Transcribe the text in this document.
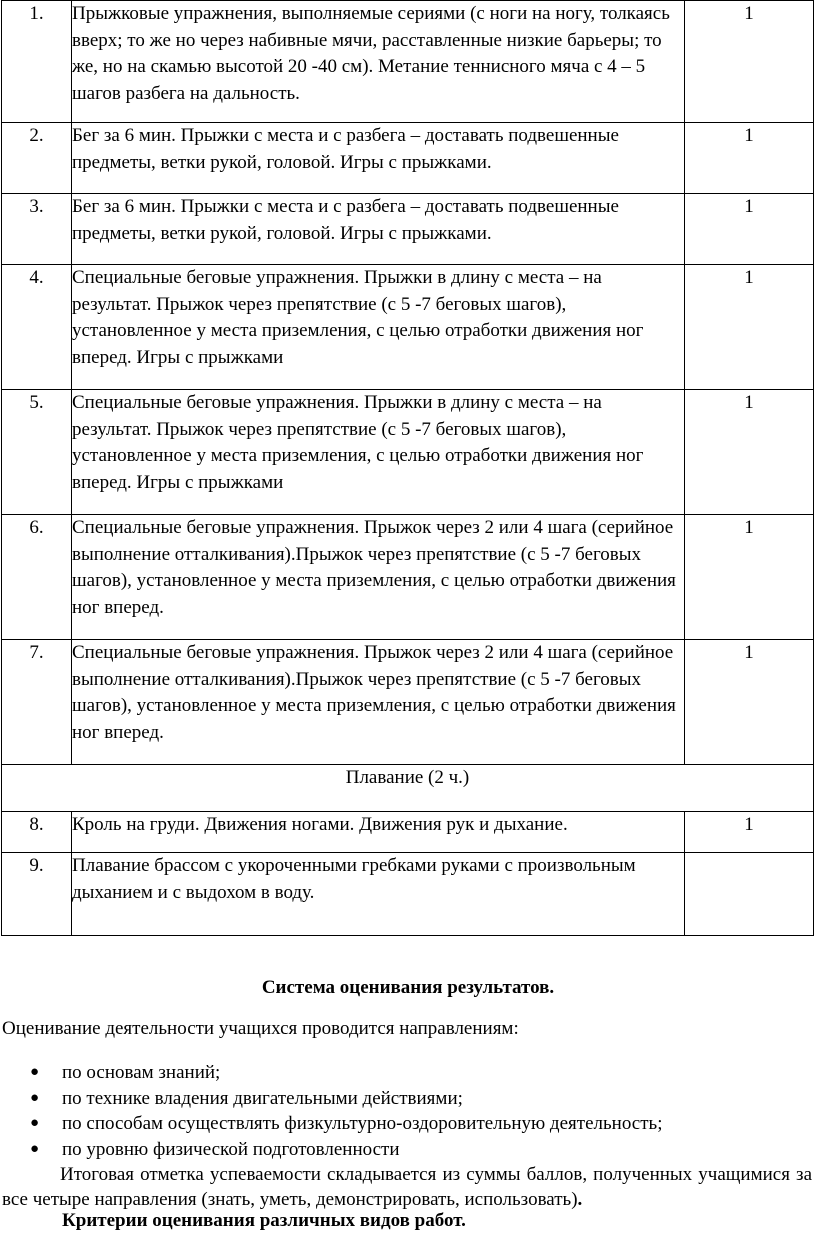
1.	Прыжковые упражнения, выполняемые сериями (с ноги на ногу, толкаясь вверх; то же но через набивные мячи, расставленные низкие барьеры; то же, но на скамью высотой 20 -40 см). Метание теннисного мяча с 4 – 5 шагов разбега на дальность.	1
2.	Бег за 6 мин. Прыжки с места и с разбега – доставать подвешенные предметы, ветки рукой, головой. Игры с прыжками.	1
3.	Бег за 6 мин. Прыжки с места и с разбега – доставать подвешенные предметы, ветки рукой, головой. Игры с прыжками.	1
4.	Специальные беговые упражнения. Прыжки в длину с места – на результат. Прыжок через препятствие (с 5 -7 беговых шагов), установленное у места приземления, с целью отработки движения ног вперед. Игры с прыжками	1
5.	Специальные беговые упражнения. Прыжки в длину с места – на результат. Прыжок через препятствие (с 5 -7 беговых шагов), установленное у места приземления, с целью отработки движения ног вперед. Игры с прыжками	1
6.	Специальные беговые упражнения. Прыжок через 2 или 4 шага (серийное выполнение отталкивания).Прыжок через препятствие (с 5 -7 беговых шагов), установленное у места приземления, с целью отработки движения ног вперед.	1
7.	Специальные беговые упражнения. Прыжок через 2 или 4 шага (серийное выполнение отталкивания).Прыжок через препятствие (с 5 -7 беговых шагов), установленное у места приземления, с целью отработки движения ног вперед.	1
Плавание (2 ч.)		
8.	Кроль на груди. Движения ногами. Движения рук и дыхание.	1
9.	Плавание брассом с укороченными гребками руками с произвольным дыханием и с выдохом в воду.	
Система оценивания результатов.
Оценивание деятельности учащихся проводится направлениям:
● по основам знаний;
● по технике владения двигательными действиями;
● по способам осуществлять физкультурно-оздоровительную деятельность;
● по уровню физической подготовленности

Итоговая отметка успеваемости складывается из суммы баллов, полученных учащимися за все четыре направления (знать, уметь, демонстрировать, использовать).

Критерии оценивания различных видов работ.
